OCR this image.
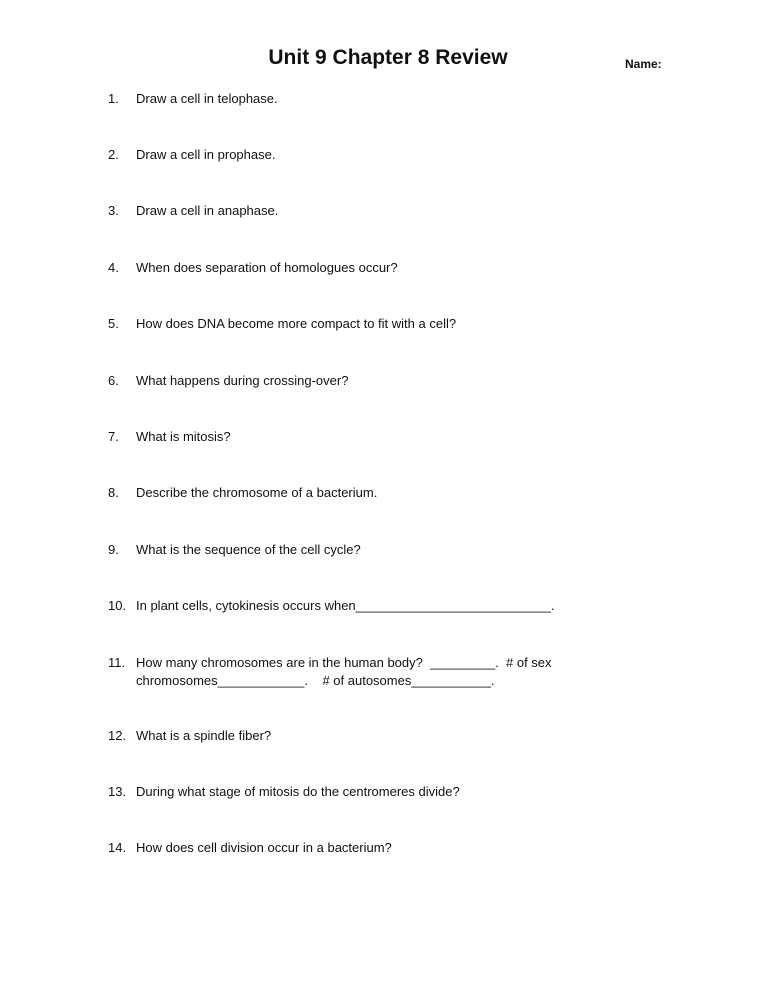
Unit 9 Chapter 8 Review	Name:
1. Draw a cell in telophase.
2. Draw a cell in prophase.
3. Draw a cell in anaphase.
4. When does separation of homologues occur?
5. How does DNA become more compact to fit with a cell?
6. What happens during crossing-over?
7. What is mitosis?
8. Describe the chromosome of a bacterium.
9. What is the sequence of the cell cycle?
10. In plant cells, cytokinesis occurs when___________________________.
11. How many chromosomes are in the human body?  _________.  # of sex chromosomes____________.    # of autosomes___________.
12. What is a spindle fiber?
13. During what stage of mitosis do the centromeres divide?
14. How does cell division occur in a bacterium?
